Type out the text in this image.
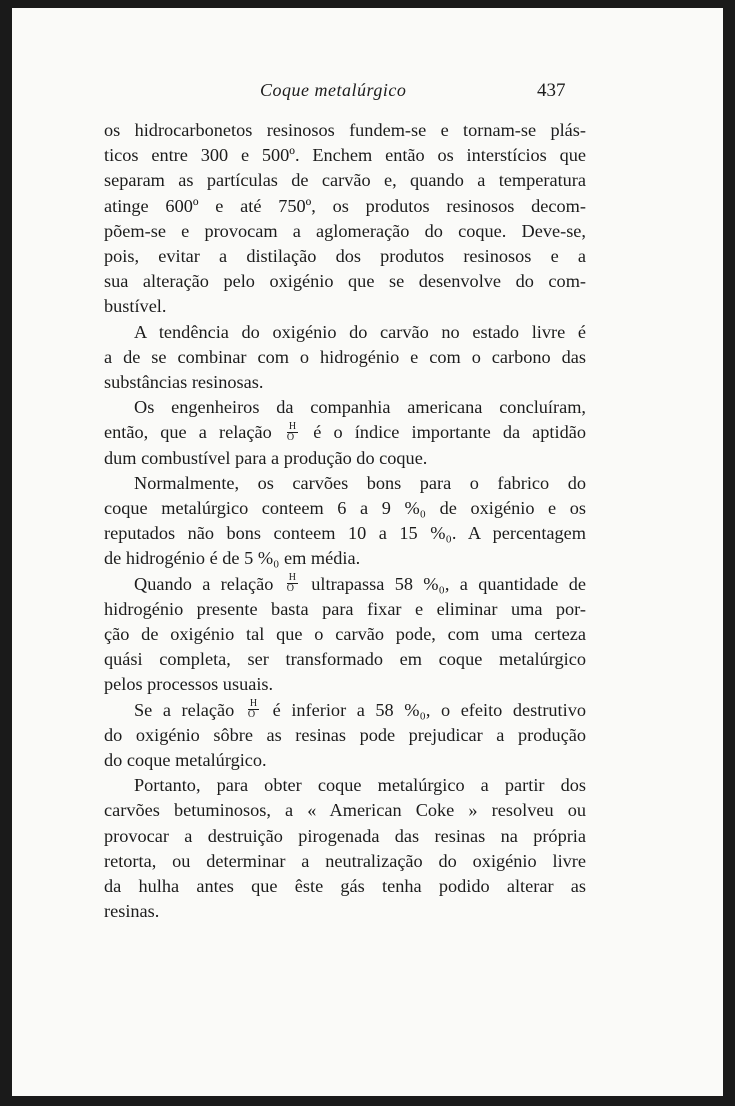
Coque metalúrgico	437

os hidrocarbonetos resinosos fundem-se e tornam-se plás-
ticos entre 300 e 500º. Enchem então os interstícios que
separam as partículas de carvão e, quando a temperatura
atinge 600º e até 750º, os produtos resinosos decom-
põem-se e provocam a aglomeração do coque. Deve-se,
pois, evitar a distilação dos produtos resinosos e a
sua alteração pelo oxigénio que se desenvolve do com-
bustível.

A tendência do oxigénio do carvão no estado livre é
a de se combinar com o hidrogénio e com o carbono das
substâncias resinosas.

Os engenheiros da companhia americana concluíram,
então, que a relação $\frac{H}{O}$ é o índice importante da aptidão
dum combustível para a produção do coque.

Normalmente, os carvões bons para o fabrico do
coque metalúrgico conteem 6 a 9 %₀ de oxigénio e os
reputados não bons conteem 10 a 15 %₀. A percentagem
de hidrogénio é de 5 %₀ em média.

Quando a relação $\frac{H}{O}$ ultrapassa 58 %₀, a quantidade de
hidrogénio presente basta para fixar e eliminar uma por-
ção de oxigénio tal que o carvão pode, com uma certeza
quási completa, ser transformado em coque metalúrgico
pelos processos usuais.

Se a relação $\frac{H}{O}$ é inferior a 58 %₀, o efeito destrutivo
do oxigénio sôbre as resinas pode prejudicar a produção
do coque metalúrgico.

Portanto, para obter coque metalúrgico a partir dos
carvões betuminosos, a « American Coke » resolveu ou
provocar a destruição pirogenada das resinas na própria
retorta, ou determinar a neutralização do oxigénio livre
da hulha antes que êste gás tenha podido alterar as
resinas.
